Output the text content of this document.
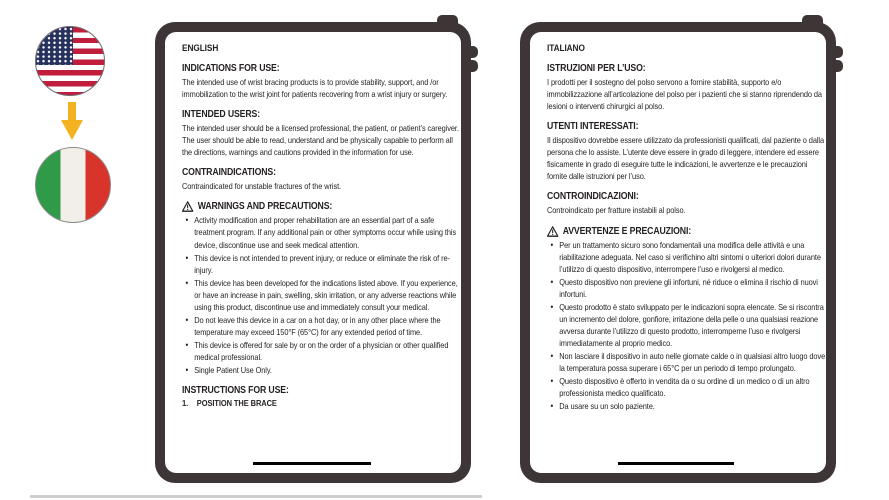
ENGLISH
INDICATIONS FOR USE:

The intended use of wrist bracing products is to provide stability, support, and /or immobilization to the wrist joint for patients recovering from a wrist injury or surgery.

INTENDED USERS:

The intended user should be a licensed professional, the patient, or patient’s caregiver. The user should be able to read, understand and be physically capable to perform all the directions, warnings and cautions provided in the information for use.

CONTRAINDICATIONS:

Contraindicated for unstable fractures of the wrist.

WARNINGS AND PRECAUTIONS:
• Activity modification and proper rehabilitation are an essential part of a safe treatment program. If any additional pain or other symptoms occur while using this device, discontinue use and seek medical attention.
• This device is not intended to prevent injury, or reduce or eliminate the risk of re-injury.
• This device has been developed for the indications listed above. If you experience, or have an increase in pain, swelling, skin irritation, or any adverse reactions while using this product, discontinue use and immediately consult your medical.
• Do not leave this device in a car on a hot day, or in any other place where the temperature may exceed 150°F (65°C) for any extended period of time.
• This device is offered for sale by or on the order of a physician or other qualified medical professional.
• Single Patient Use Only.
INSTRUCTIONS FOR USE:
1. POSITION THE BRACE
ITALIANO
ISTRUZIONI PER L’USO:

I prodotti per il sostegno del polso servono a fornire stabilità, supporto e/o immobilizzazione all’articolazione del polso per i pazienti che si stanno riprendendo da lesioni o interventi chirurgici al polso.

UTENTI INTERESSATI:

Il dispositivo dovrebbe essere utilizzato da professionisti qualificati, dal paziente o dalla persona che lo assiste. L’utente deve essere in grado di leggere, intendere ed essere fisicamente in grado di eseguire tutte le indicazioni, le avvertenze e le precauzioni fornite dalle istruzioni per l’uso.

CONTROINDICAZIONI:

Controindicato per fratture instabili al polso.

AVVERTENZE E PRECAUZIONI:
• Per un trattamento sicuro sono fondamentali una modifica delle attività e una riabilitazione adeguata. Nel caso si verifichino altri sintomi o ulteriori dolori durante l’utilizzo di questo dispositivo, interrompere l’uso e rivolgersi al medico.
• Questo dispositivo non previene gli infortuni, né riduce o elimina il rischio di nuovi infortuni.
• Questo prodotto è stato sviluppato per le indicazioni sopra elencate. Se si riscontra un incremento del dolore, gonfiore, irritazione della pelle o una qualsiasi reazione avversa durante l’utilizzo di questo prodotto, interromperne l’uso e rivolgersi immediatamente al proprio medico.
• Non lasciare il dispositivo in auto nelle giornate calde o in qualsiasi altro luogo dove la temperatura possa superare i 65°C per un periodo di tempo prolungato.
• Questo dispositivo è offerto in vendita da o su ordine di un medico o di un altro professionista medico qualificato.
• Da usare su un solo paziente.
